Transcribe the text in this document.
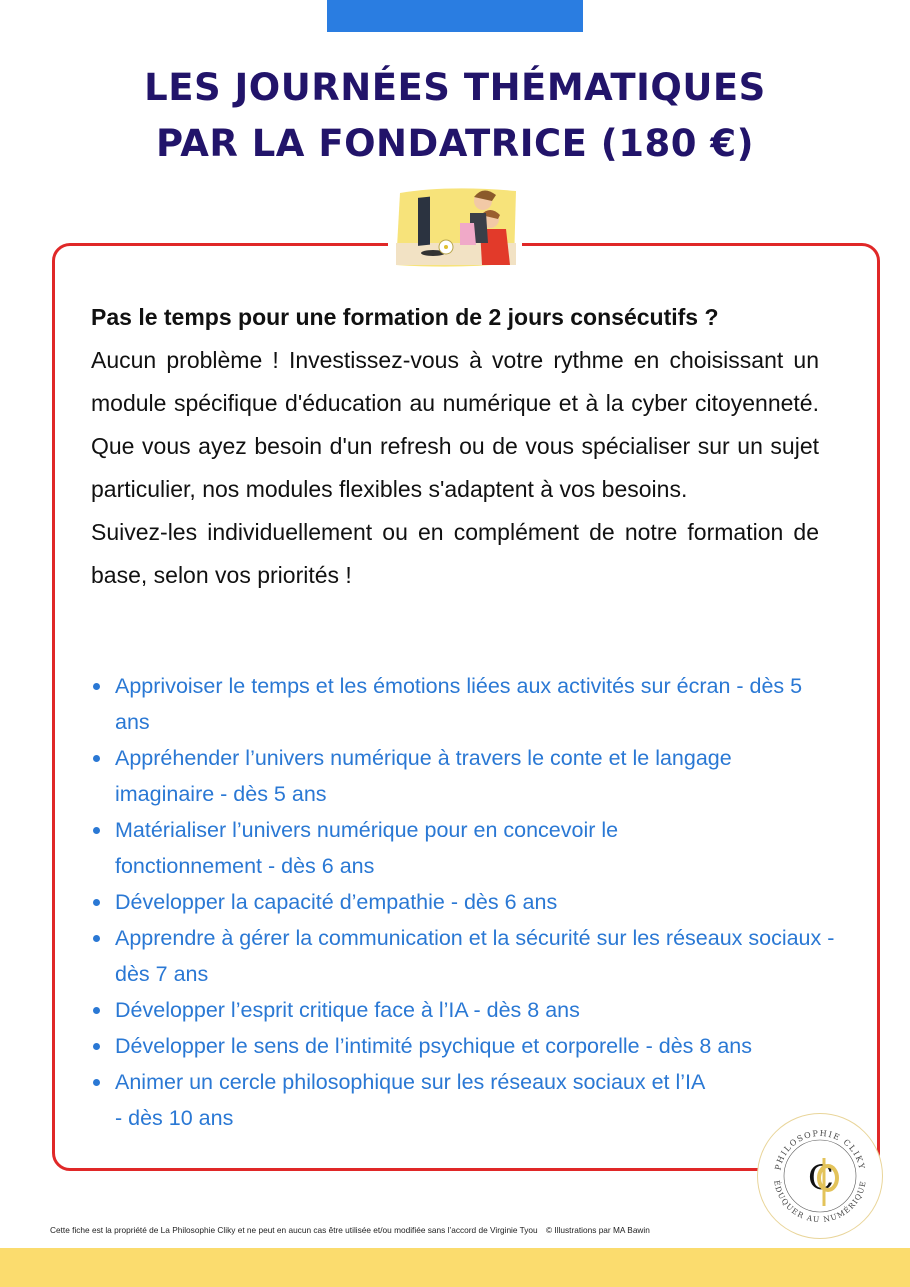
LES JOURNÉES THÉMATIQUES
PAR LA FONDATRICE (180 €)

Pas le temps pour une formation de 2 jours consécutifs ?

Aucun problème ! Investissez-vous à votre rythme en choisissant un module spécifique d'éducation au numérique et à la cyber citoyenneté. Que vous ayez besoin d'un refresh ou de vous spécialiser sur un sujet particulier, nos modules flexibles s'adaptent à vos besoins.

Suivez-les individuellement ou en complément de notre formation de base, selon vos priorités !

Apprivoiser le temps et les émotions liées aux activités sur écran - dès 5 ans
Appréhender l’univers numérique à travers le conte et le langage imaginaire - dès 5 ans
Matérialiser l’univers numérique pour en concevoir le fonctionnement - dès 6 ans
Développer la capacité d’empathie - dès 6 ans
Apprendre à gérer la communication et la sécurité sur les réseaux sociaux - dès 7 ans
Développer l’esprit critique face à l’IA - dès 8 ans
Développer le sens de l’intimité psychique et corporelle - dès 8 ans
Animer un cercle philosophique sur les réseaux sociaux et l’IA   - dès 10 ans
PHILOSOPHIE CLIKY
ÉDUQUER AU NUMÉRIQUE
C
Cette fiche est la propriété de La Philosophie Cliky et ne peut en aucun cas être utilisée et/ou modifiée sans l’accord de Virginie Tyou © Illustrations par MA Bawin
